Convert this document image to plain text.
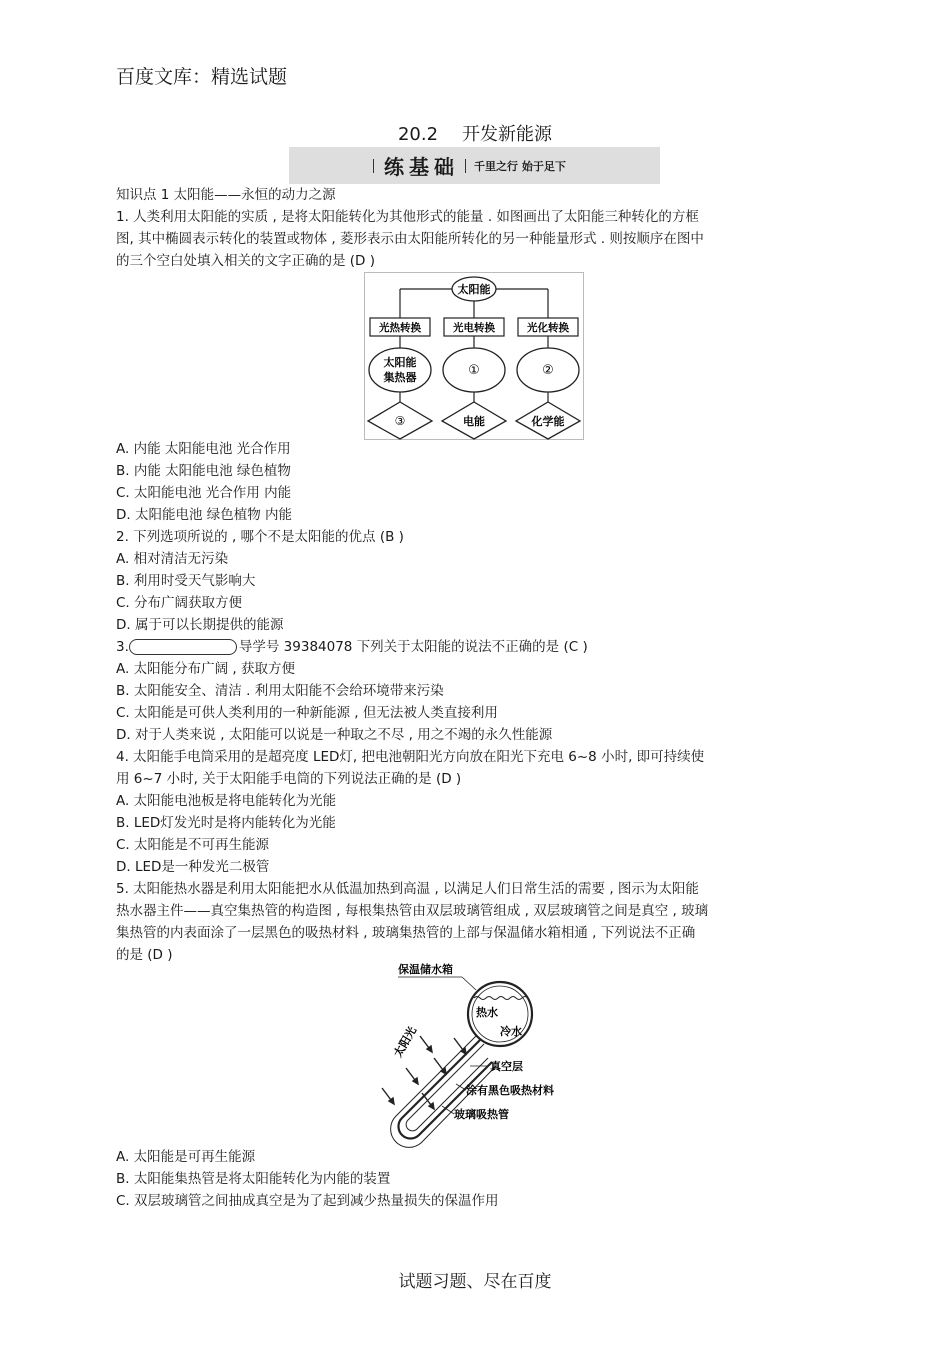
百度文库：精选试题
20.2 开发新能源
练基础 千里之行 始于足下
知识点 1 太阳能——永恒的动力之源
1. 人类利用太阳能的实质 , 是将太阳能转化为其他形式的能量 . 如图画出了太阳能三种转化的方框
图, 其中椭圆表示转化的装置或物体 , 菱形表示由太阳能所转化的另一种能量形式 . 则按顺序在图中
的三个空白处填入相关的文字正确的是 (D )
太阳能
光热转换	光电转换	光化转换
太阳能
集热器	①	②
③	电能	化学能
A. 内能 太阳能电池 光合作用
B. 内能 太阳能电池 绿色植物
C. 太阳能电池 光合作用 内能
D. 太阳能电池 绿色植物 内能
2. 下列选项所说的 , 哪个不是太阳能的优点 (B )
A. 相对清洁无污染
B. 利用时受天气影响大
C. 分布广阔获取方便
D. 属于可以长期提供的能源
3.	导学号 39384078 下列关于太阳能的说法不正确的是 (C )
A. 太阳能分布广阔 , 获取方便
B. 太阳能安全、清洁 . 利用太阳能不会给环境带来污染
C. 太阳能是可供人类利用的一种新能源 , 但无法被人类直接利用
D. 对于人类来说 , 太阳能可以说是一种取之不尽 , 用之不竭的永久性能源
4. 太阳能手电筒采用的是超亮度 LED灯, 把电池朝阳光方向放在阳光下充电 6~8 小时, 即可持续使
用 6~7 小时, 关于太阳能手电筒的下列说法正确的是 (D )
A. 太阳能电池板是将电能转化为光能
B. LED灯发光时是将内能转化为光能
C. 太阳能是不可再生能源
D. LED是一种发光二极管
5. 太阳能热水器是利用太阳能把水从低温加热到高温 , 以满足人们日常生活的需要 , 图示为太阳能
热水器主件——真空集热管的构造图 , 每根集热管由双层玻璃管组成 , 双层玻璃管之间是真空 , 玻璃
集热管的内表面涂了一层黑色的吸热材料 , 玻璃集热管的上部与保温储水箱相通 , 下列说法不正确
的是 (D )
保温储水箱
热水
冷水
太阳光
真空层
涂有黑色吸热材料
玻璃吸热管
A. 太阳能是可再生能源
B. 太阳能集热管是将太阳能转化为内能的装置
C. 双层玻璃管之间抽成真空是为了起到减少热量损失的保温作用
试题习题、尽在百度
